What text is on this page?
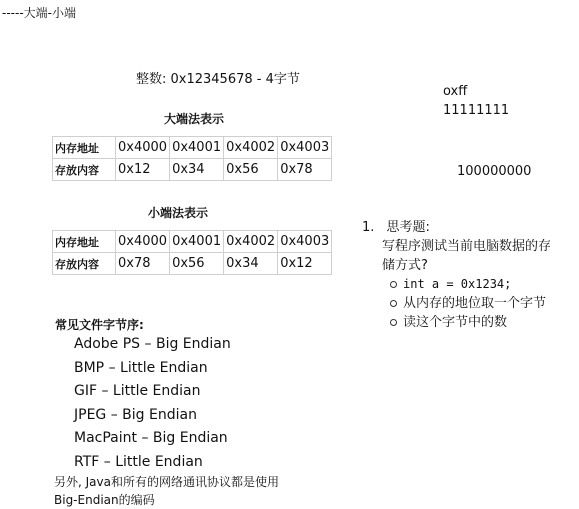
-----大端-小端
整数: 0x12345678 - 4字节
大端法表示
内存地址	0x4000	0x4001	0x4002	0x4003
存放内容	0x12	0x34	0x56	0x78
小端法表示
内存地址	0x4000	0x4001	0x4002	0x4003
存放内容	0x78	0x56	0x34	0x12
常见文件字节序:
Adobe PS – Big Endian
BMP – Little Endian
GIF – Little Endian
JPEG – Big Endian
MacPaint – Big Endian
RTF – Little Endian
另外, Java和所有的网络通讯协议都是使用
Big-Endian的编码
oxff
11111111
100000000
1. 思考题:
写程序测试当前电脑数据的存
储方式?
int a = 0x1234;
从内存的地位取一个字节
读这个字节中的数
